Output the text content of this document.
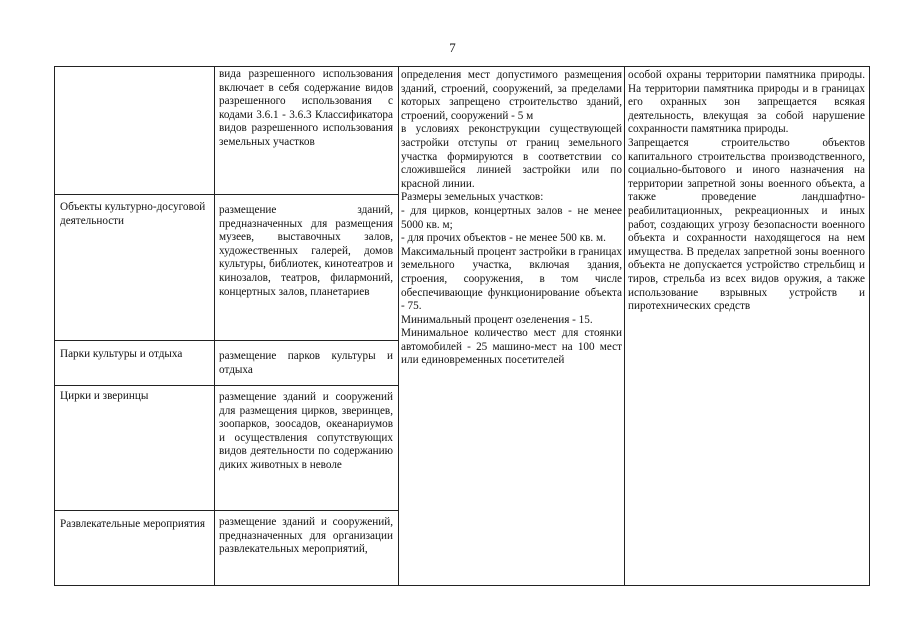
7
Объекты культурно-досуговой деятельности
Парки культуры и отдыха
Цирки и зверинцы
Развлекательные мероприятия
вида разрешенного использования включает в себя содержание видов разрешенного использования с кодами 3.6.1 - 3.6.3 Классификатора видов разрешенного использования земельных участков
размещение зданий, предназначенных для размещения музеев, выставочных залов, художественных галерей, домов культуры, библиотек, кинотеатров и кинозалов, театров, филармоний, концертных залов, планетариев
размещение парков культуры и отдыха
размещение зданий и сооружений для размещения цирков, зверинцев, зоопарков, зоосадов, океанариумов и осуществления сопутствующих видов деятельности по содержанию диких животных в неволе
размещение зданий и сооружений, предназначенных для организации развлекательных мероприятий,
определения мест допустимого размещения зданий, строений, сооружений, за пределами которых запрещено строительство зданий, строений, сооружений - 5 м
в условиях реконструкции существующей застройки отступы от границ земельного участка формируются в соответствии со сложившейся линией застройки или по красной линии.
Размеры земельных участков:
- для цирков, концертных залов - не менее 5000 кв. м;
- для прочих объектов - не менее 500 кв. м.
Максимальный процент застройки в границах земельного участка, включая здания, строения, сооружения, в том числе обеспечивающие функционирование объекта - 75.
Минимальный процент озеленения - 15.
Минимальное количество мест для стоянки автомобилей - 25 машино-мест на 100 мест или единовременных посетителей
особой охраны территории памятника природы. На территории памятника природы и в границах его охранных зон запрещается всякая деятельность, влекущая за собой нарушение сохранности памятника природы.
Запрещается строительство объектов капитального строительства производственного, социально-бытового и иного назначения на территории запретной зоны военного объекта, а также проведение ландшафтно-реабилитационных, рекреационных и иных работ, создающих угрозу безопасности военного объекта и сохранности находящегося на нем имущества. В пределах запретной зоны военного объекта не допускается устройство стрельбищ и тиров, стрельба из всех видов оружия, а также использование взрывных устройств и пиротехнических средств
